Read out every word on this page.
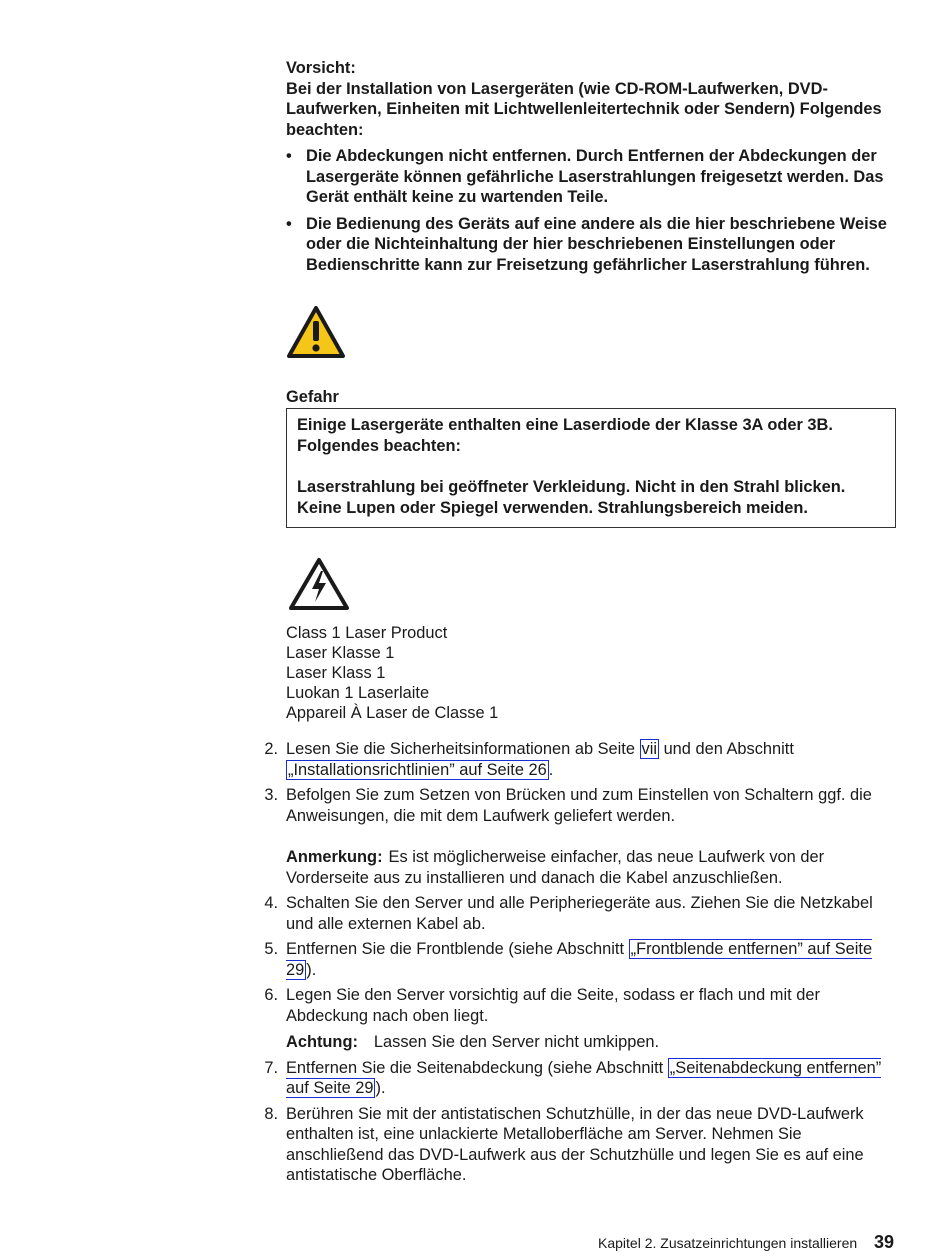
Vorsicht:

Bei der Installation von Lasergeräten (wie CD-ROM-Laufwerken, DVD-Laufwerken, Einheiten mit Lichtwellenleitertechnik oder Sendern) Folgendes beachten:

• Die Abdeckungen nicht entfernen. Durch Entfernen der Abdeckungen der Lasergeräte können gefährliche Laserstrahlungen freigesetzt werden. Das Gerät enthält keine zu wartenden Teile.
• Die Bedienung des Geräts auf eine andere als die hier beschriebene Weise oder die Nichteinhaltung der hier beschriebenen Einstellungen oder Bedienschritte kann zur Freisetzung gefährlicher Laserstrahlung führen.
Gefahr
Einige Lasergeräte enthalten eine Laserdiode der Klasse 3A oder 3B. Folgendes beachten:
Laserstrahlung bei geöffneter Verkleidung. Nicht in den Strahl blicken. Keine Lupen oder Spiegel verwenden. Strahlungsbereich meiden.
Class 1 Laser Product
Laser Klasse 1
Laser Klass 1
Luokan 1 Laserlaite
Appareil À Laser de Classe 1
2. Lesen Sie die Sicherheitsinformationen ab Seite vii und den Abschnitt „Installationsrichtlinien” auf Seite 26 .
3. Befolgen Sie zum Setzen von Brücken und zum Einstellen von Schaltern ggf. die Anweisungen, die mit dem Laufwerk geliefert werden.
Anmerkung: Es ist möglicherweise einfacher, das neue Laufwerk von der Vorderseite aus zu installieren und danach die Kabel anzuschließen.
4. Schalten Sie den Server und alle Peripheriegeräte aus. Ziehen Sie die Netzkabel und alle externen Kabel ab.
5. Entfernen Sie die Frontblende (siehe Abschnitt „Frontblende entfernen” auf Seite 29 ).
6. Legen Sie den Server vorsichtig auf die Seite, sodass er flach und mit der Abdeckung nach oben liegt.
Achtung: Lassen Sie den Server nicht umkippen.
7. Entfernen Sie die Seitenabdeckung (siehe Abschnitt „Seitenabdeckung entfernen” auf Seite 29 ).
8. Berühren Sie mit der antistatischen Schutzhülle, in der das neue DVD-Laufwerk enthalten ist, eine unlackierte Metalloberfläche am Server. Nehmen Sie anschließend das DVD-Laufwerk aus der Schutzhülle und legen Sie es auf eine antistatische Oberfläche.
Kapitel 2. Zusatzeinrichtungen installieren 39
